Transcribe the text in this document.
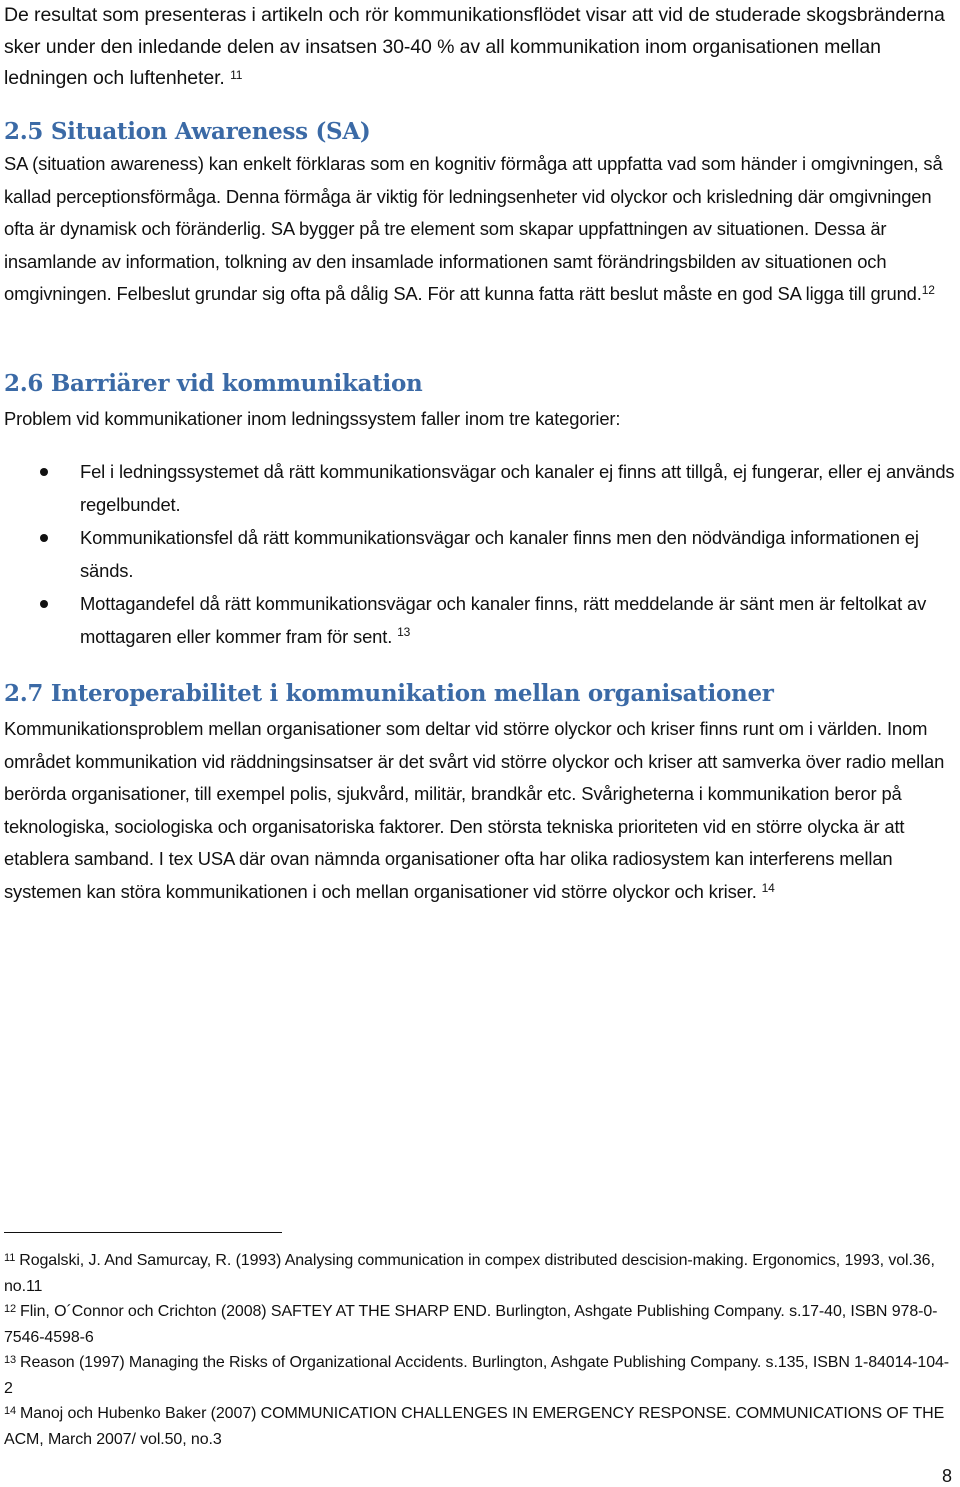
De resultat som presenteras i artikeln och rör kommunikationsflödet visar att vid de studerade skogsbränderna sker under den inledande delen av insatsen 30-40 % av all kommunikation inom organisationen mellan ledningen och luftenheter. $^{11}$

2.5 Situation Awareness (SA)

SA (situation awareness) kan enkelt förklaras som en kognitiv förmåga att uppfatta vad som händer i omgivningen, så kallad perceptionsförmåga. Denna förmåga är viktig för ledningsenheter vid olyckor och krisledning där omgivningen ofta är dynamisk och föränderlig. SA bygger på tre element som skapar uppfattningen av situationen. Dessa är insamlande av information, tolkning av den insamlade informationen samt förändringsbilden av situationen och omgivningen. Felbeslut grundar sig ofta på dålig SA. För att kunna fatta rätt beslut måste en god SA ligga till grund.$^{12}$

2.6 Barriärer vid kommunikation

Problem vid kommunikationer inom ledningssystem faller inom tre kategorier:

Fel i ledningssystemet då rätt kommunikationsvägar och kanaler ej finns att tillgå, ej fungerar, eller ej används regelbundet.
Kommunikationsfel då rätt kommunikationsvägar och kanaler finns men den nödvändiga informationen ej sänds.
Mottagandefel då rätt kommunikationsvägar och kanaler finns, rätt meddelande är sänt men är feltolkat av mottagaren eller kommer fram för sent. $^{13}$
2.7 Interoperabilitet i kommunikation mellan organisationer

Kommunikationsproblem mellan organisationer som deltar vid större olyckor och kriser finns runt om i världen. Inom området kommunikation vid räddningsinsatser är det svårt vid större olyckor och kriser att samverka över radio mellan berörda organisationer, till exempel polis, sjukvård, militär, brandkår etc. Svårigheterna i kommunikation beror på teknologiska, sociologiska och organisatoriska faktorer. Den största tekniska prioriteten vid en större olycka är att etablera samband. I tex USA där ovan nämnda organisationer ofta har olika radiosystem kan interferens mellan systemen kan störa kommunikationen i och mellan organisationer vid större olyckor och kriser. $^{14}$

$^{11}$ Rogalski, J. And Samurcay, R. (1993) Analysing communication in compex distributed descision-making. Ergonomics, 1993, vol.36, no.11

$^{12}$ Flin, O´Connor och Crichton (2008) SAFTEY AT THE SHARP END. Burlington, Ashgate Publishing Company. s.17-40, ISBN 978-0-7546-4598-6

$^{13}$ Reason (1997) Managing the Risks of Organizational Accidents. Burlington, Ashgate Publishing Company. s.135, ISBN 1-84014-104-2

$^{14}$ Manoj och Hubenko Baker (2007) COMMUNICATION CHALLENGES IN EMERGENCY RESPONSE. COMMUNICATIONS OF THE ACM, March 2007/ vol.50, no.3

8
